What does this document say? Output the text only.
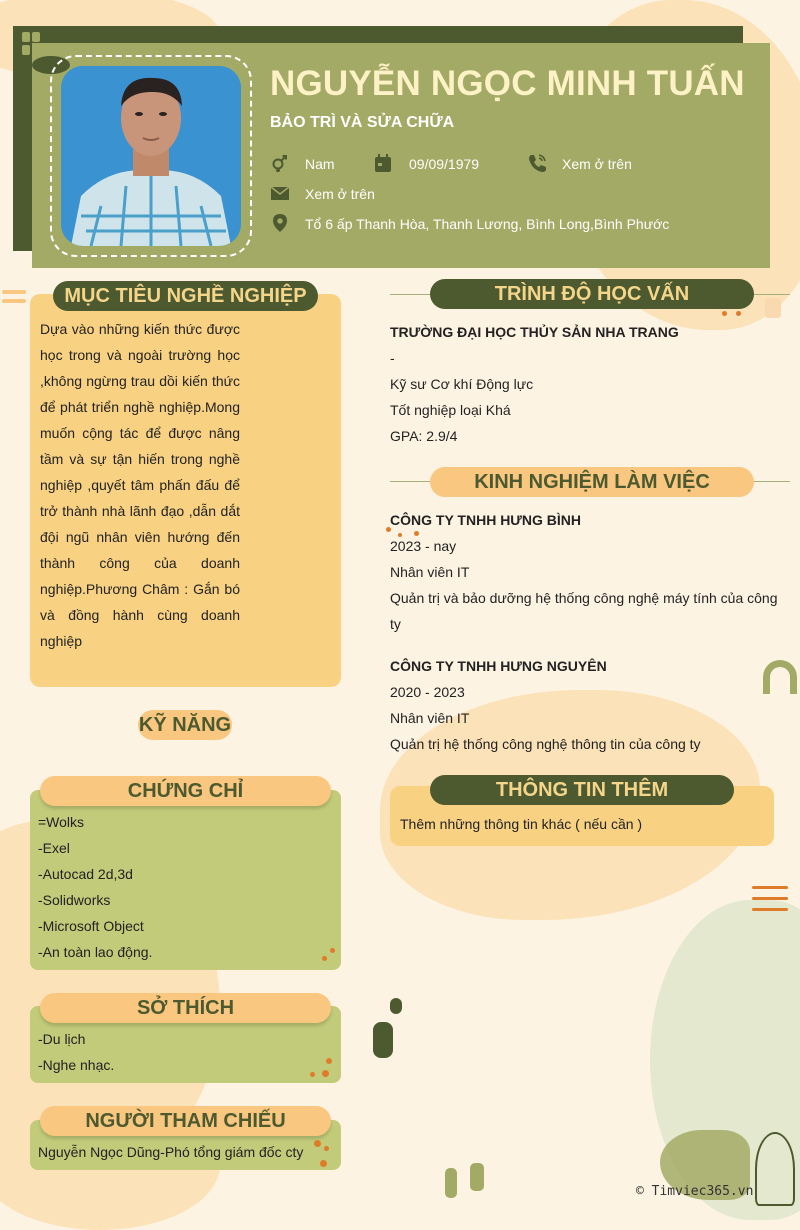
NGUYỄN NGỌC MINH TUẤN
BẢO TRÌ VÀ SỬA CHỮA
Nam	09/09/1979	Xem ở trên
Xem ở trên
Tổ 6 ấp Thanh Hòa, Thanh Lương, Bình Long,Bình Phước
MỤC TIÊU NGHỀ NGHIỆP
Dựa vào những kiến thức được học trong và ngoài trường học ,không ngừng trau dồi kiến thức để phát triển nghề nghiệp.Mong muốn cộng tác để được nâng tầm và sự tận hiến trong nghề nghiệp ,quyết tâm phấn đấu để trở thành nhà lãnh đạo ,dẫn dắt đội ngũ nhân viên hướng đến thành công của doanh nghiệp.Phương Châm : Gắn bó và đồng hành cùng doanh nghiệp
KỸ NĂNG
CHỨNG CHỈ
=Wolks
-Exel
-Autocad 2d,3d
-Solidworks
-Microsoft Object
-An toàn lao động.
SỞ THÍCH
-Du lịch
-Nghe nhạc.
NGƯỜI THAM CHIẾU
Nguyễn Ngọc Dũng-Phó tổng giám đốc cty
TRÌNH ĐỘ HỌC VẤN
TRƯỜNG ĐẠI HỌC THỦY SẢN NHA TRANG
-
Kỹ sư Cơ khí Động lực
Tốt nghiệp loại Khá
GPA: 2.9/4
KINH NGHIỆM LÀM VIỆC
CÔNG TY TNHH HƯNG BÌNH
2023 - nay
Nhân viên IT
Quản trị và bảo dưỡng hệ thống công nghệ máy tính của công ty
CÔNG TY TNHH HƯNG NGUYÊN
2020 - 2023
Nhân viên IT
Quản trị hệ thống công nghệ thông tin của công ty
THÔNG TIN THÊM
Thêm những thông tin khác ( nếu cần )
© Timviec365.vn
